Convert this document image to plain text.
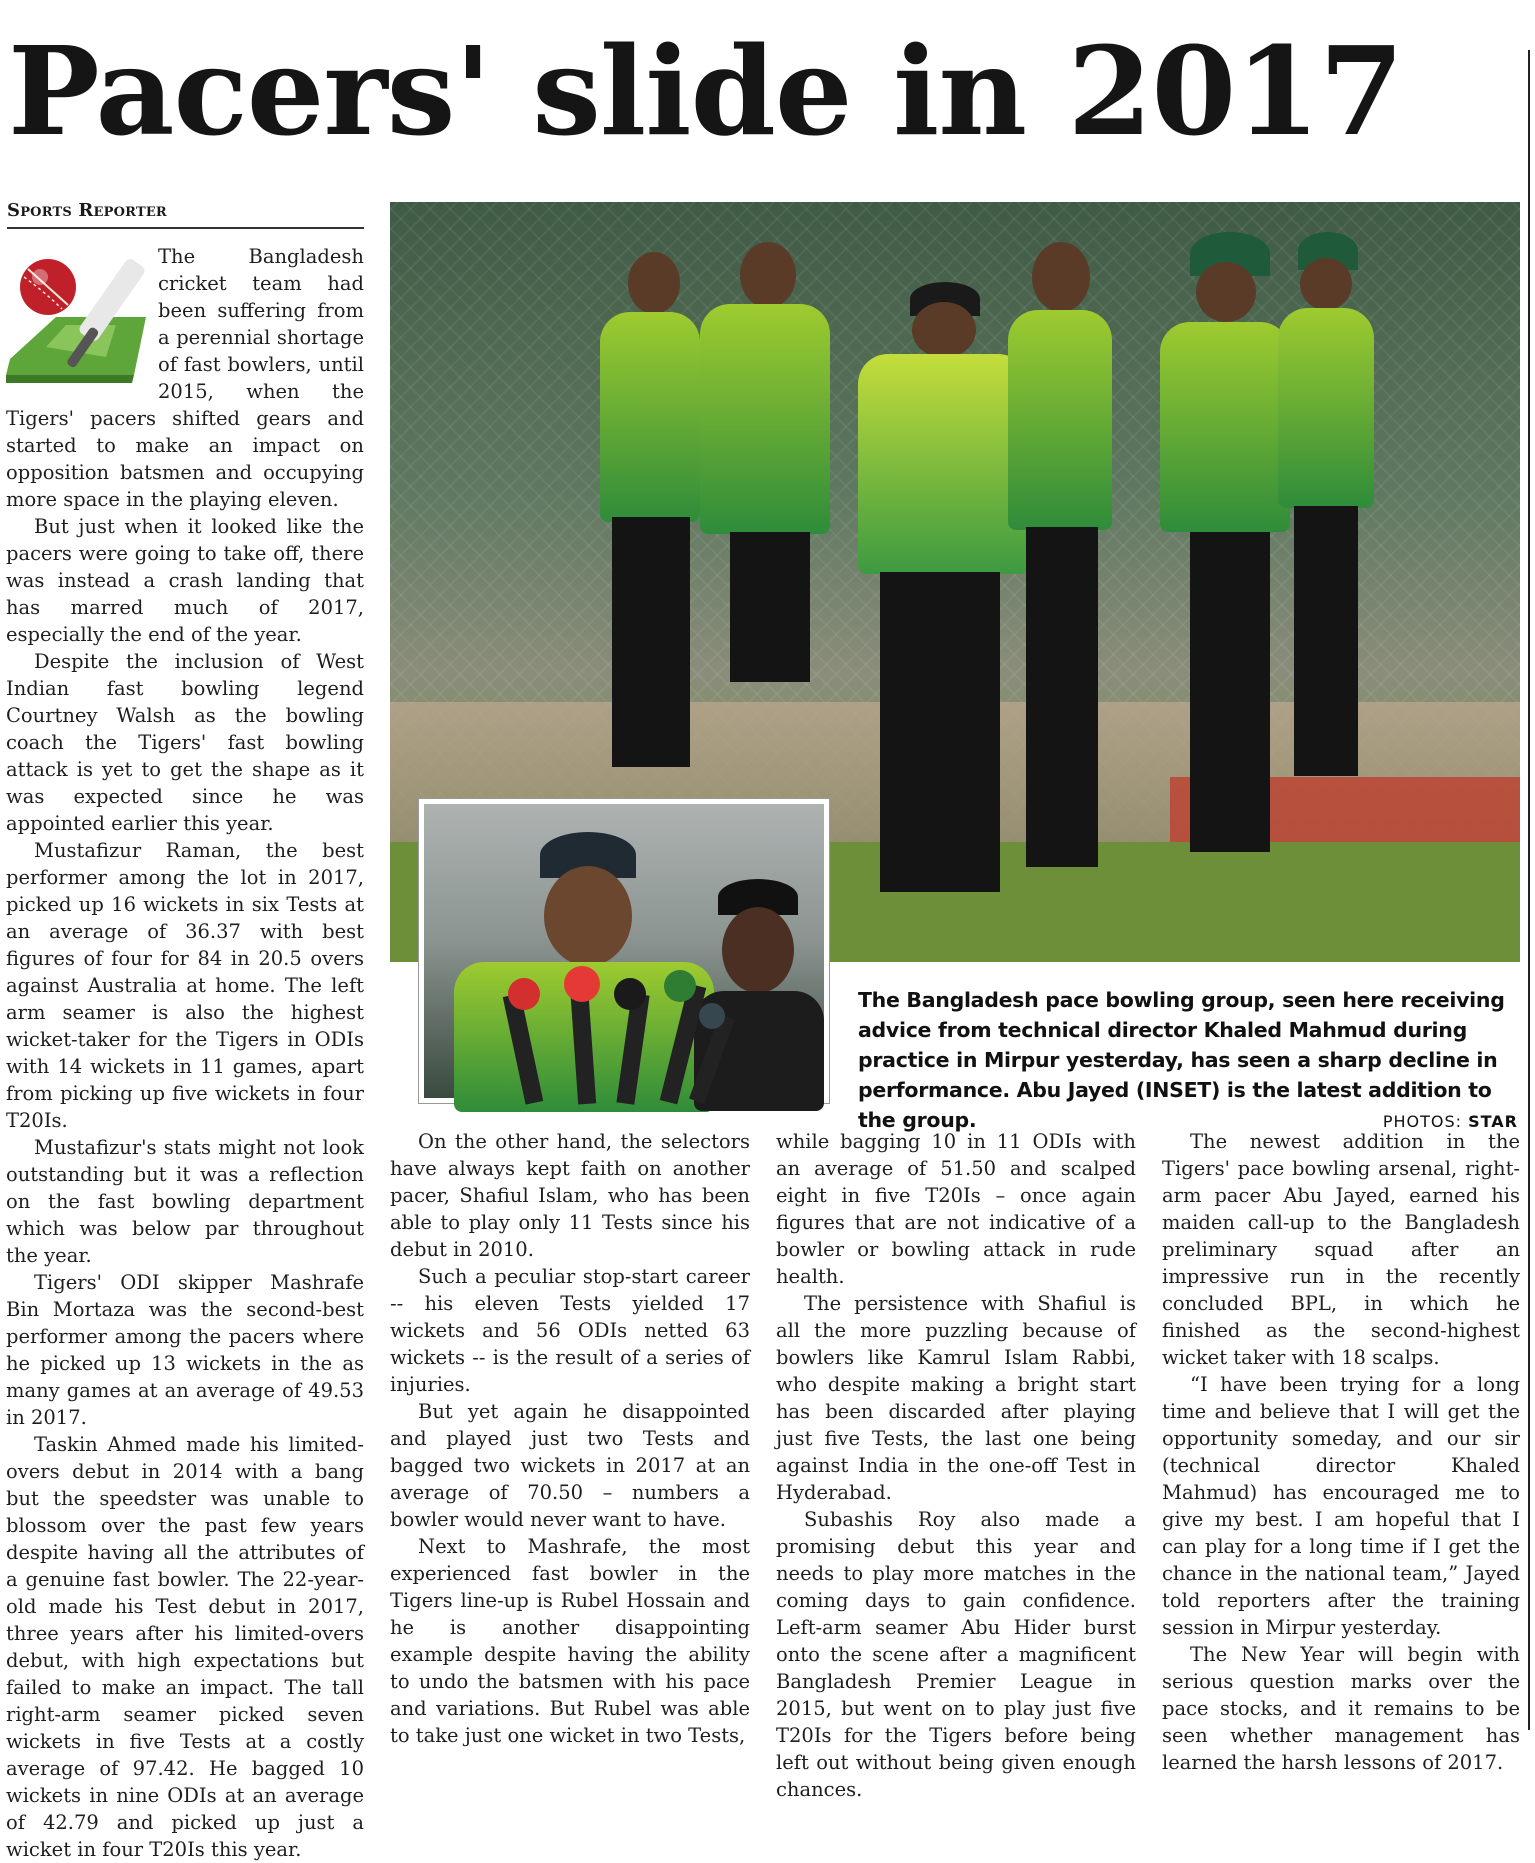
Pacers' slide in 2017
Sports Reporter

The Bangladesh cricket team had been suffering from a perennial shortage of fast bowlers, until 2015, when the Tigers' pacers shifted gears and started to make an impact on opposition batsmen and occupying more space in the playing eleven.

But just when it looked like the pacers were going to take off, there was instead a crash landing that has marred much of 2017, especially the end of the year.

Despite the inclusion of West Indian fast bowling legend Courtney Walsh as the bowling coach the Tigers' fast bowling attack is yet to get the shape as it was expected since he was appointed earlier this year.

Mustafizur Raman, the best performer among the lot in 2017, picked up 16 wickets in six Tests at an average of 36.37 with best figures of four for 84 in 20.5 overs against Australia at home. The left arm seamer is also the highest wicket-taker for the Tigers in ODIs with 14 wickets in 11 games, apart from picking up five wickets in four T20Is.

Mustafizur's stats might not look outstanding but it was a reflection on the fast bowling department which was below par throughout the year.

Tigers' ODI skipper Mashrafe Bin Mortaza was the second-best performer among the pacers where he picked up 13 wickets in the as many games at an average of 49.53 in 2017.

Taskin Ahmed made his limited-overs debut in 2014 with a bang but the speedster was unable to blossom over the past few years despite having all the attributes of a genuine fast bowler. The 22-year-old made his Test debut in 2017, three years after his limited-overs debut, with high expectations but failed to make an impact. The tall right-arm seamer picked seven wickets in five Tests at a costly average of 97.42. He bagged 10 wickets in nine ODIs at an average of 42.79 and picked up just a wicket in four T20Is this year.

The Bangladesh pace bowling group, seen here receiving advice from technical director Khaled Mahmud during practice in Mirpur yesterday, has seen a sharp decline in performance. Abu Jayed (INSET) is the latest addition to the group.	PHOTOS: STAR

On the other hand, the selectors have always kept faith on another pacer, Shafiul Islam, who has been able to play only 11 Tests since his debut in 2010.

Such a peculiar stop-start career -- his eleven Tests yielded 17 wickets and 56 ODIs netted 63 wickets -- is the result of a series of injuries.

But yet again he disappointed and played just two Tests and bagged two wickets in 2017 at an average of 70.50 – numbers a bowler would never want to have.

Next to Mashrafe, the most experienced fast bowler in the Tigers line-up is Rubel Hossain and he is another disappointing example despite having the ability to undo the batsmen with his pace and variations. But Rubel was able to take just one wicket in two Tests,

while bagging 10 in 11 ODIs with an average of 51.50 and scalped eight in five T20Is – once again figures that are not indicative of a bowler or bowling attack in rude health.

The persistence with Shafiul is all the more puzzling because of bowlers like Kamrul Islam Rabbi, who despite making a bright start has been discarded after playing just five Tests, the last one being against India in the one-off Test in Hyderabad.

Subashis Roy also made a promising debut this year and needs to play more matches in the coming days to gain confidence. Left-arm seamer Abu Hider burst onto the scene after a magnificent Bangladesh Premier League in 2015, but went on to play just five T20Is for the Tigers before being left out without being given enough chances.

The newest addition in the Tigers' pace bowling arsenal, right-arm pacer Abu Jayed, earned his maiden call-up to the Bangladesh preliminary squad after an impressive run in the recently concluded BPL, in which he finished as the second-highest wicket taker with 18 scalps.

“I have been trying for a long time and believe that I will get the opportunity someday, and our sir (technical director Khaled Mahmud) has encouraged me to give my best. I am hopeful that I can play for a long time if I get the chance in the national team,” Jayed told reporters after the training session in Mirpur yesterday.

The New Year will begin with serious question marks over the pace stocks, and it remains to be seen whether management has learned the harsh lessons of 2017.
